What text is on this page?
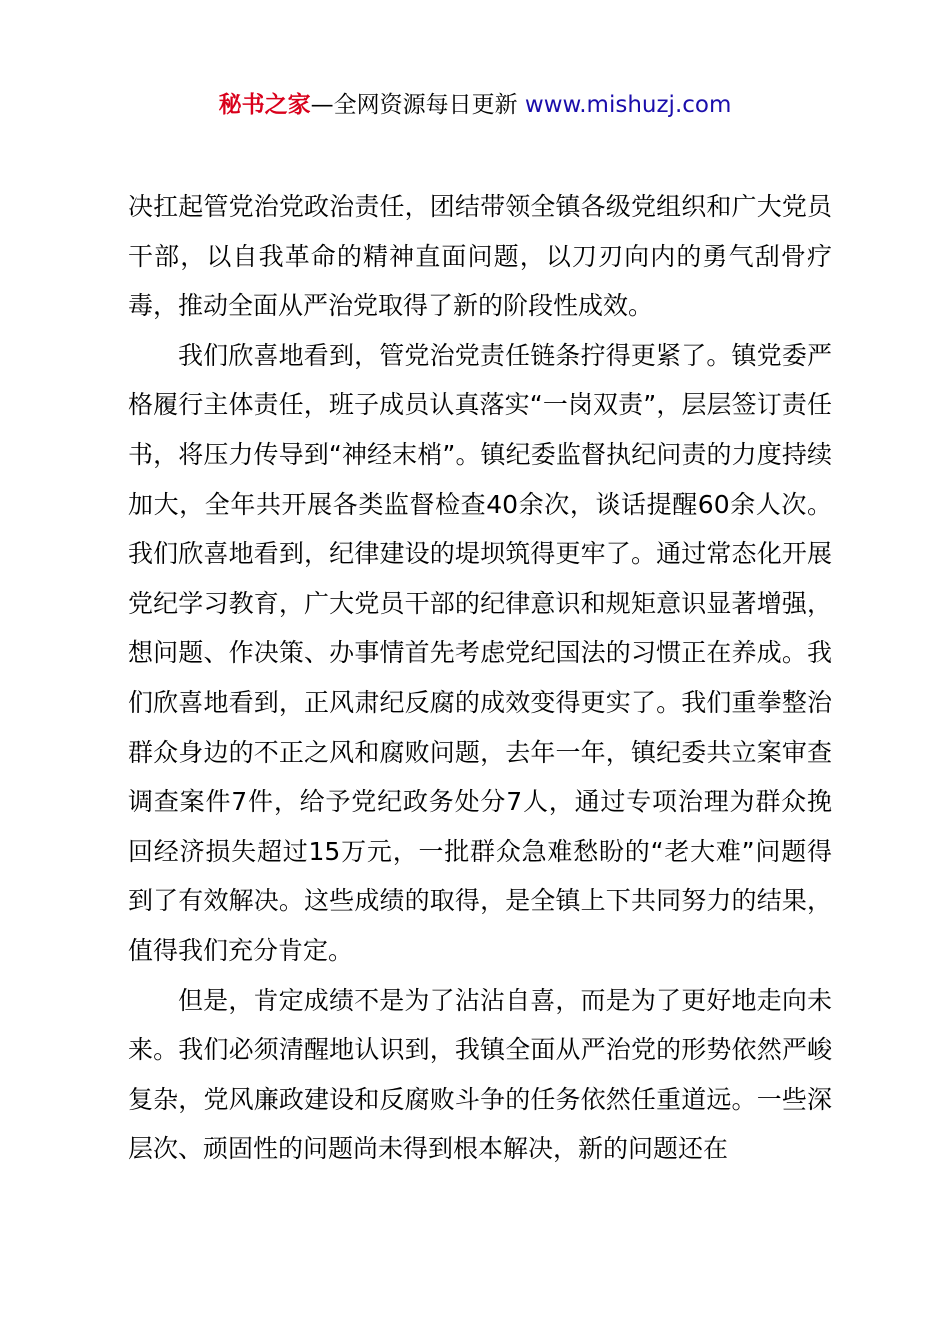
秘书之家—全网资源每日更新 www.mishuzj.com

决扛起管党治党政治责任，团结带领全镇各级党组织和广大党员干部，以自我革命的精神直面问题，以刀刃向内的勇气刮骨疗毒，推动全面从严治党取得了新的阶段性成效。

我们欣喜地看到，管党治党责任链条拧得更紧了。镇党委严格履行主体责任，班子成员认真落实“一岗双责”，层层签订责任书，将压力传导到“神经末梢”。镇纪委监督执纪问责的力度持续加大，全年共开展各类监督检查40余次，谈话提醒60余人次。我们欣喜地看到，纪律建设的堤坝筑得更牢了。通过常态化开展党纪学习教育，广大党员干部的纪律意识和规矩意识显著增强，想问题、作决策、办事情首先考虑党纪国法的习惯正在养成。我们欣喜地看到，正风肃纪反腐的成效变得更实了。我们重拳整治群众身边的不正之风和腐败问题，去年一年，镇纪委共立案审查调查案件7件，给予党纪政务处分7人，通过专项治理为群众挽回经济损失超过15万元，一批群众急难愁盼的“老大难”问题得到了有效解决。这些成绩的取得，是全镇上下共同努力的结果，值得我们充分肯定。

但是，肯定成绩不是为了沾沾自喜，而是为了更好地走向未来。我们必须清醒地认识到，我镇全面从严治党的形势依然严峻复杂，党风廉政建设和反腐败斗争的任务依然任重道远。一些深层次、顽固性的问题尚未得到根本解决，新的问题还在
